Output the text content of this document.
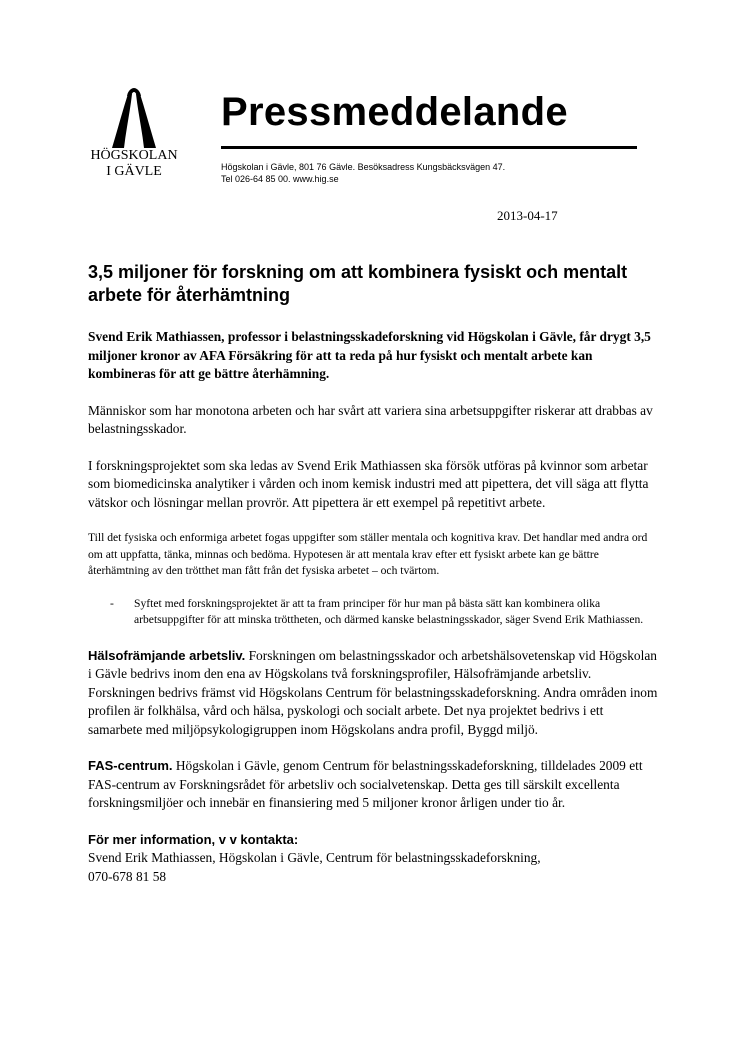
HÖGSKOLAN
I GÄVLE
Pressmeddelande
Högskolan i Gävle, 801 76 Gävle. Besöksadress Kungsbäcksvägen 47.
Tel 026-64 85 00. www.hig.se
2013-04-17
3,5 miljoner för forskning om att kombinera fysiskt och mentalt arbete för återhämtning

Svend Erik Mathiassen, professor i belastningsskadeforskning vid Högskolan i Gävle, får drygt 3,5 miljoner kronor av AFA Försäkring för att ta reda på hur fysiskt och mentalt arbete kan kombineras för att ge bättre återhämning.

Människor som har monotona arbeten och har svårt att variera sina arbetsuppgifter riskerar att drabbas av belastningsskador.

I forskningsprojektet som ska ledas av Svend Erik Mathiassen ska försök utföras på kvinnor som arbetar som biomedicinska analytiker i vården och inom kemisk industri med att pipettera, det vill säga att flytta vätskor och lösningar mellan provrör. Att pipettera är ett exempel på repetitivt arbete.

Till det fysiska och enformiga arbetet fogas uppgifter som ställer mentala och kognitiva krav. Det handlar med andra ord om att uppfatta, tänka, minnas och bedöma. Hypotesen är att mentala krav efter ett fysiskt arbete kan ge bättre återhämtning av den trötthet man fått från det fysiska arbetet – och tvärtom.

- Syftet med forskningsprojektet är att ta fram principer för hur man på bästa sätt kan kombinera olika arbetsuppgifter för att minska tröttheten, och därmed kanske belastningsskador, säger Svend Erik Mathiassen.

Hälsofrämjande arbetsliv. Forskningen om belastningsskador och arbetshälsovetenskap vid Högskolan i Gävle bedrivs inom den ena av Högskolans två forskningsprofiler, Hälsofrämjande arbetsliv. Forskningen bedrivs främst vid Högskolans Centrum för belastningsskadeforskning. Andra områden inom profilen är folkhälsa, vård och hälsa, pyskologi och socialt arbete. Det nya projektet bedrivs i ett samarbete med miljöpsykologigruppen inom Högskolans andra profil, Byggd miljö.

FAS-centrum. Högskolan i Gävle, genom Centrum för belastningsskadeforskning, tilldelades 2009 ett FAS-centrum av Forskningsrådet för arbetsliv och socialvetenskap. Detta ges till särskilt excellenta forskningsmiljöer och innebär en finansiering med 5 miljoner kronor årligen under tio år.

För mer information, v v kontakta:
Svend Erik Mathiassen, Högskolan i Gävle, Centrum för belastningsskadeforskning,
070-678 81 58
